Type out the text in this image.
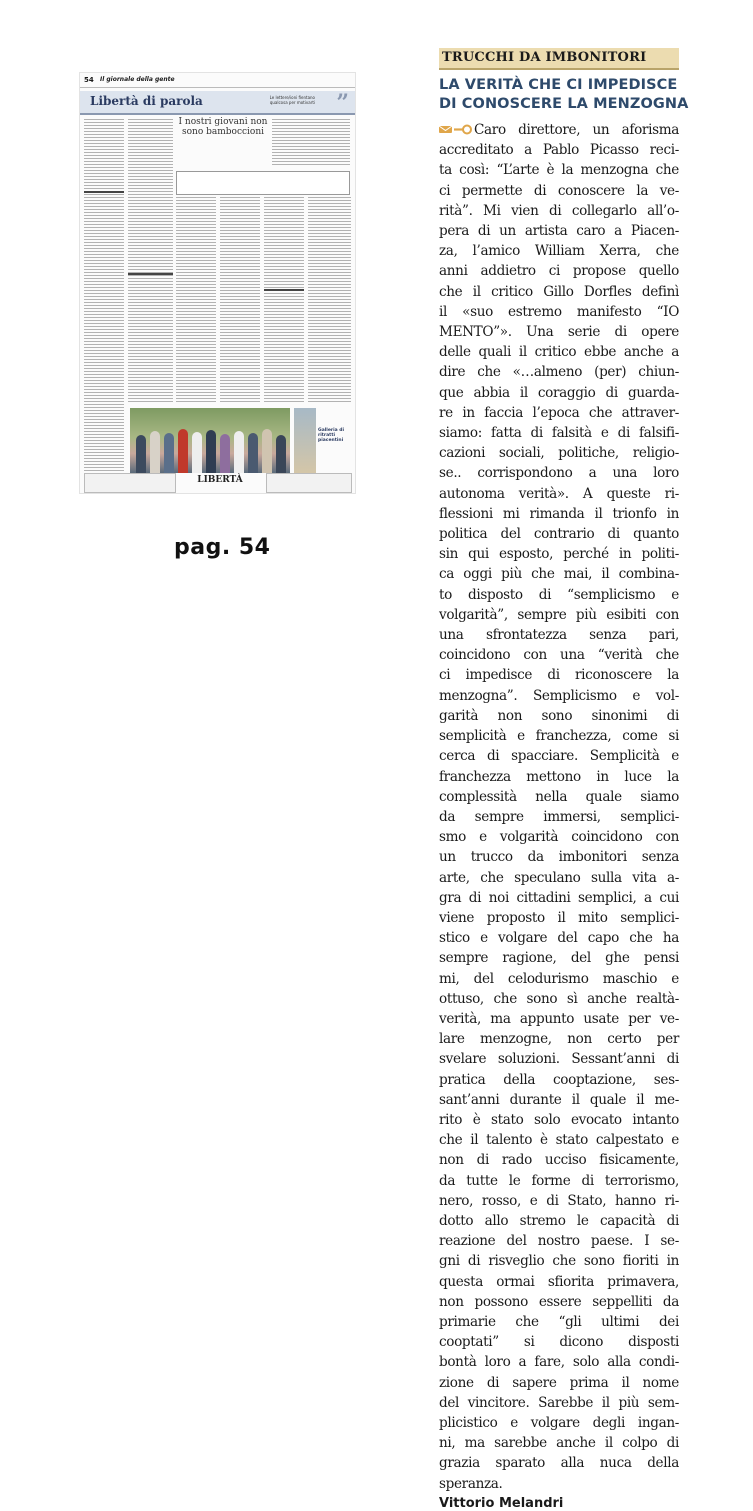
54 Il giornale della gente
Libertà di parola	Le lettere/ioni fientano qualcosa per motivarti ”
I nostri giovani non sono bamboccioni
Galleria di ritratti piacentini
LIBERTÀ
pag. 54
TRUCCHI DA IMBONITORI
LA VERITÀ CHE CI IMPEDISCE
DI CONOSCERE LA MENZOGNA
Caro direttore, un aforisma
accreditato a Pablo Picasso reci-
ta così: “L’arte è la menzogna che
ci permette di conoscere la ve-
rità”. Mi vien di collegarlo all’o-
pera di un artista caro a Piacen-
za, l’amico William Xerra, che
anni addietro ci propose quello
che il critico Gillo Dorfles definì
il «suo estremo manifesto “IO
MENTO”». Una serie di opere
delle quali il critico ebbe anche a
dire che «…almeno (per) chiun-
que abbia il coraggio di guarda-
re in faccia l’epoca che attraver-
siamo: fatta di falsità e di falsifi-
cazioni sociali, politiche, religio-
se.. corrispondono a una loro
autonoma verità». A queste ri-
flessioni mi rimanda il trionfo in
politica del contrario di quanto
sin qui esposto, perché in politi-
ca oggi più che mai, il combina-
to disposto di “semplicismo e
volgarità”, sempre più esibiti con
una sfrontatezza senza pari,
coincidono con una “verità che
ci impedisce di riconoscere la
menzogna”. Semplicismo e vol-
garità non sono sinonimi di
semplicità e franchezza, come si
cerca di spacciare. Semplicità e
franchezza mettono in luce la
complessità nella quale siamo
da sempre immersi, semplici-
smo e volgarità coincidono con
un trucco da imbonitori senza
arte, che speculano sulla vita a-
gra di noi cittadini semplici, a cui
viene proposto il mito semplici-
stico e volgare del capo che ha
sempre ragione, del ghe pensi
mi, del celodurismo maschio e
ottuso, che sono sì anche realtà-
verità, ma appunto usate per ve-
lare menzogne, non certo per
svelare soluzioni. Sessant’anni di
pratica della cooptazione, ses-
sant’anni durante il quale il me-
rito è stato solo evocato intanto
che il talento è stato calpestato e
non di rado ucciso fisicamente,
da tutte le forme di terrorismo,
nero, rosso, e di Stato, hanno ri-
dotto allo stremo le capacità di
reazione del nostro paese. I se-
gni di risveglio che sono fioriti in
questa ormai sfiorita primavera,
non possono essere seppelliti da
primarie che “gli ultimi dei
cooptati” si dicono disposti
bontà loro a fare, solo alla condi-
zione di sapere prima il nome
del vincitore. Sarebbe il più sem-
plicistico e volgare degli ingan-
ni, ma sarebbe anche il colpo di
grazia sparato alla nuca della
speranza.
Vittorio Melandri
